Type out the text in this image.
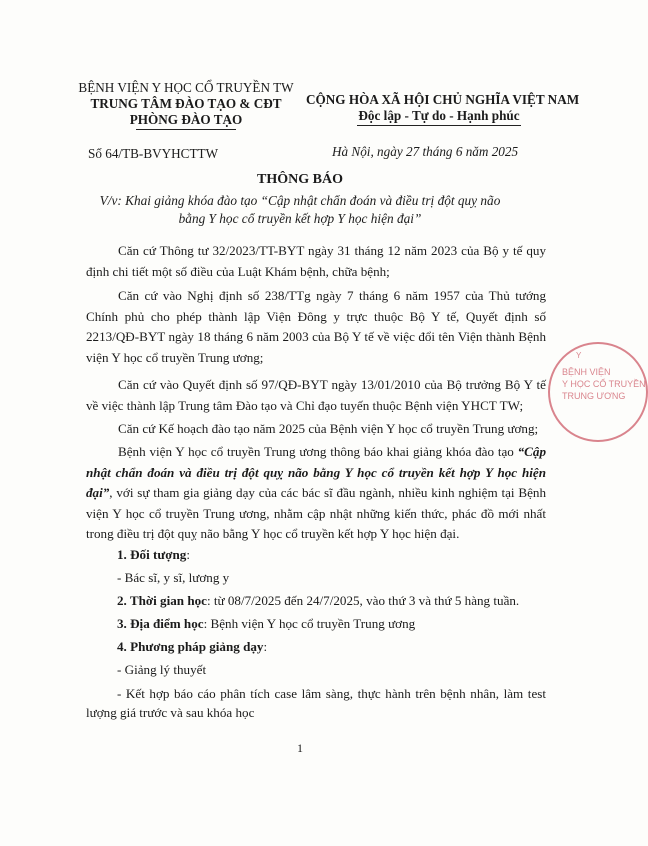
BỆNH VIỆN Y HỌC CỔ TRUYỀN TW
TRUNG TÂM ĐÀO TẠO & CĐT
PHÒNG ĐÀO TẠO
Số 64/TB-BVYHCTTW
CỘNG HÒA XÃ HỘI CHỦ NGHĨA VIỆT NAM
Độc lập - Tự do - Hạnh phúc
Hà Nội, ngày 27 tháng 6 năm 2025
THÔNG BÁO
V/v: Khai giảng khóa đào tạo “Cập nhật chẩn đoán và điều trị đột quỵ não
bằng Y học cổ truyền kết hợp Y học hiện đại”
Căn cứ Thông tư 32/2023/TT-BYT ngày 31 tháng 12 năm 2023 của Bộ y tế quy định chi tiết một số điều của Luật Khám bệnh, chữa bệnh;
Căn cứ vào Nghị định số 238/TTg ngày 7 tháng 6 năm 1957 của Thủ tướng Chính phủ cho phép thành lập Viện Đông y trực thuộc Bộ Y tế, Quyết định số 2213/QĐ-BYT ngày 18 tháng 6 năm 2003 của Bộ Y tế về việc đổi tên Viện thành Bệnh viện Y học cổ truyền Trung ương;
Căn cứ vào Quyết định số 97/QĐ-BYT ngày 13/01/2010 của Bộ trưởng Bộ Y tế về việc thành lập Trung tâm Đào tạo và Chỉ đạo tuyến thuộc Bệnh viện YHCT TW;
Căn cứ Kế hoạch đào tạo năm 2025 của Bệnh viện Y học cổ truyền Trung ương;
Bệnh viện Y học cổ truyền Trung ương thông báo khai giảng khóa đào tạo “Cập nhật chẩn đoán và điều trị đột quỵ não bằng Y học cổ truyền kết hợp Y học hiện đại”, với sự tham gia giảng dạy của các bác sĩ đầu ngành, nhiều kinh nghiệm tại Bệnh viện Y học cổ truyền Trung ương, nhằm cập nhật những kiến thức, phác đồ mới nhất trong điều trị đột quỵ não bằng Y học cổ truyền kết hợp Y học hiện đại.
1. Đối tượng:
- Bác sĩ, y sĩ, lương y
2. Thời gian học: từ 08/7/2025 đến 24/7/2025, vào thứ 3 và thứ 5 hàng tuần.
3. Địa điểm học: Bệnh viện Y học cổ truyền Trung ương
4. Phương pháp giảng dạy:
- Giảng lý thuyết
- Kết hợp báo cáo phân tích case lâm sàng, thực hành trên bệnh nhân, làm test lượng giá trước và sau khóa học
Y
BỆNH VIỆN
Y HỌC CỔ TRUYỀN
TRUNG ƯƠNG
1
